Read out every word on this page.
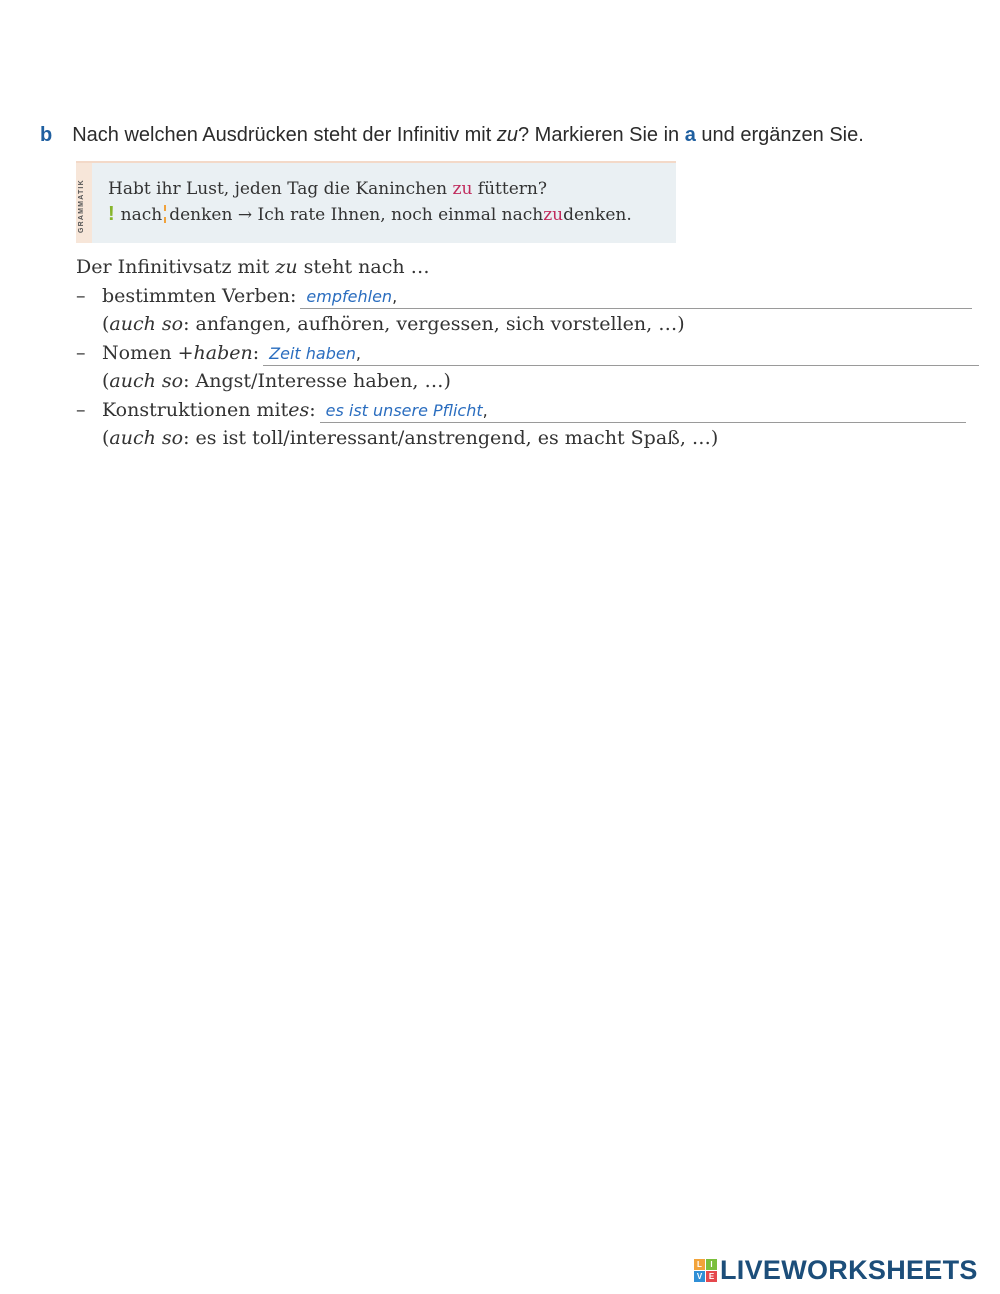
b Nach welchen Ausdrücken steht der Infinitiv mit zu? Markieren Sie in a und ergänzen Sie.
GRAMMATIK Habt ihr Lust, jeden Tag die Kaninchen zu füttern?
! nach denken → Ich rate Ihnen, noch einmal nachzudenken.
Der Infinitivsatz mit zu steht nach …
– bestimmten Verben: empfehlen,
(auch so: anfangen, aufhören, vergessen, sich vorstellen, …)
– Nomen + haben : Zeit haben,
(auch so: Angst/Interesse haben, …)
– Konstruktionen mit es : es ist unsere Pflicht,
(auch so: es ist toll/interessant/anstrengend, es macht Spaß, …)
L	I
V E LIVEWORKSHEETS
